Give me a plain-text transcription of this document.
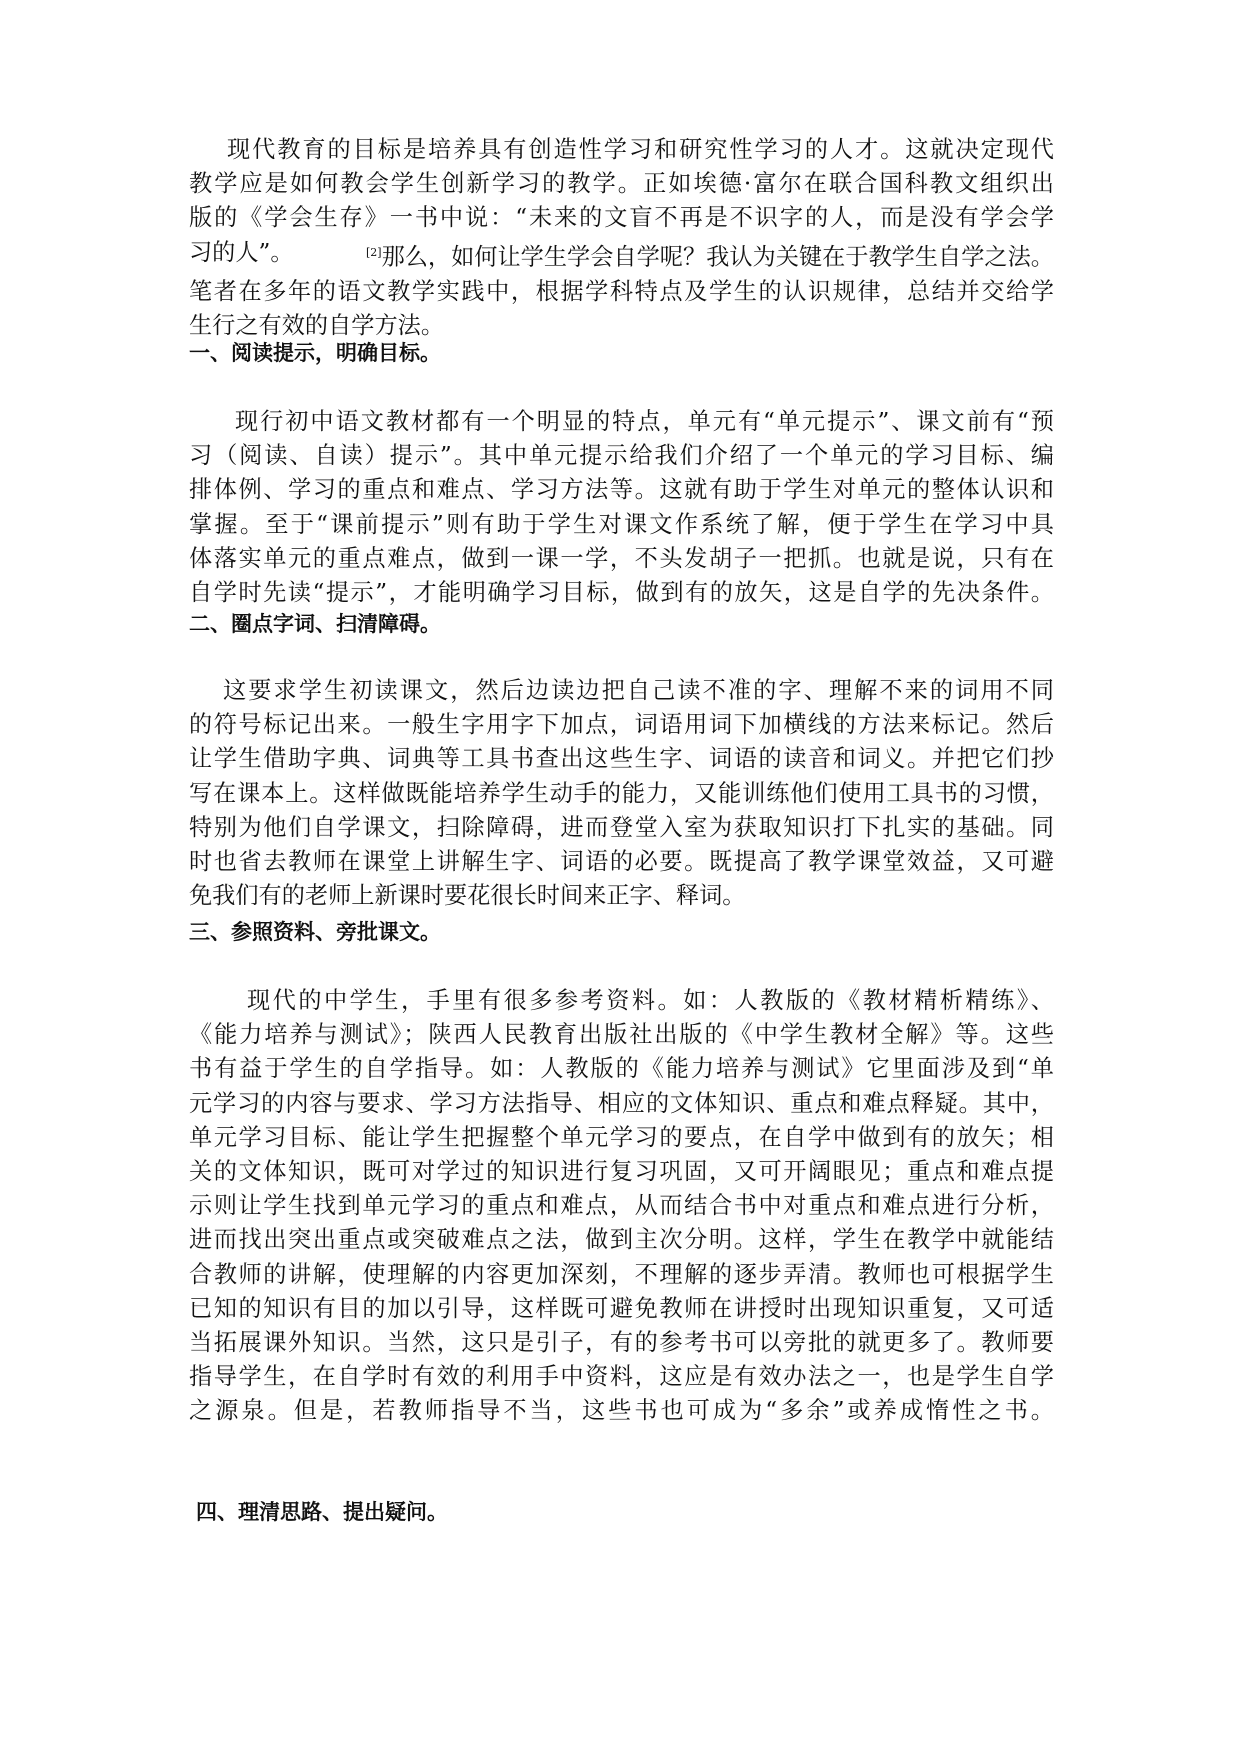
现代教育的目标是培养具有创造性学习和研究性学习的人才。这就决定现代
教学应是如何教会学生创新学习的教学。正如埃德·富尔在联合国科教文组织出
版的《学会生存》一书中说：“未来的文盲不再是不识字的人，而是没有学会学
习的人”。	[2]那么，如何让学生学会自学呢？我认为关键在于教学生自学之法。
笔者在多年的语文教学实践中，根据学科特点及学生的认识规律，总结并交给学
生行之有效的自学方法。
一、阅读提示，明确目标。
现行初中语文教材都有一个明显的特点，单元有“单元提示”、课文前有“预
习（阅读、自读）提示”。其中单元提示给我们介绍了一个单元的学习目标、编
排体例、学习的重点和难点、学习方法等。这就有助于学生对单元的整体认识和
掌握。至于“课前提示”则有助于学生对课文作系统了解，便于学生在学习中具
体落实单元的重点难点，做到一课一学，不头发胡子一把抓。也就是说，只有在
自学时先读“提示”，才能明确学习目标，做到有的放矢，这是自学的先决条件。
二、圈点字词、扫清障碍。
这要求学生初读课文，然后边读边把自己读不准的字、理解不来的词用不同
的符号标记出来。一般生字用字下加点，词语用词下加横线的方法来标记。然后
让学生借助字典、词典等工具书查出这些生字、词语的读音和词义。并把它们抄
写在课本上。这样做既能培养学生动手的能力，又能训练他们使用工具书的习惯，
特别为他们自学课文，扫除障碍，进而登堂入室为获取知识打下扎实的基础。同
时也省去教师在课堂上讲解生字、词语的必要。既提高了教学课堂效益，又可避
免我们有的老师上新课时要花很长时间来正字、释词。
三、参照资料、旁批课文。
现代的中学生，手里有很多参考资料。如：人教版的《教材精析精练》、
《能力培养与测试》；陕西人民教育出版社出版的《中学生教材全解》等。这些
书有益于学生的自学指导。如：人教版的《能力培养与测试》它里面涉及到“单
元学习的内容与要求、学习方法指导、相应的文体知识、重点和难点释疑。其中，
单元学习目标、能让学生把握整个单元学习的要点，在自学中做到有的放矢；相
关的文体知识，既可对学过的知识进行复习巩固，又可开阔眼见；重点和难点提
示则让学生找到单元学习的重点和难点，从而结合书中对重点和难点进行分析，
进而找出突出重点或突破难点之法，做到主次分明。这样，学生在教学中就能结
合教师的讲解，使理解的内容更加深刻，不理解的逐步弄清。教师也可根据学生
已知的知识有目的加以引导，这样既可避免教师在讲授时出现知识重复，又可适
当拓展课外知识。当然，这只是引子，有的参考书可以旁批的就更多了。教师要
指导学生，在自学时有效的利用手中资料，这应是有效办法之一，也是学生自学
之源泉。但是，若教师指导不当，这些书也可成为“多余”或养成惰性之书。
四、理清思路、提出疑问。
